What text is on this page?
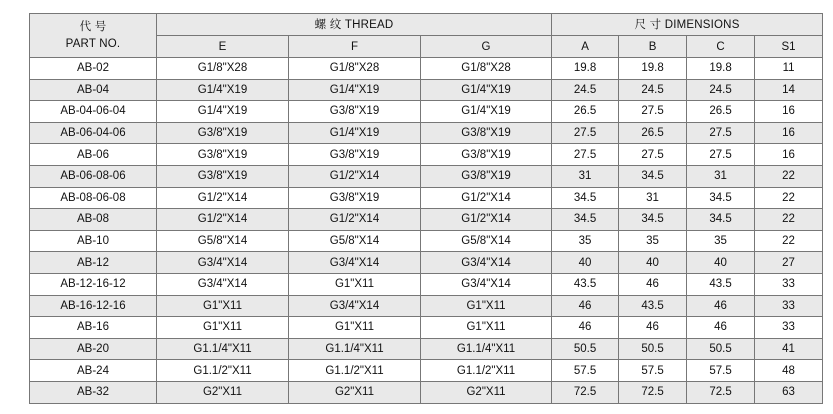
代 号
PART NO.	螺 纹 THREAD			尺 寸 DIMENSIONS			
	E	F	G	A	B	C	S1
AB-02	G1/8"X28	G1/8"X28	G1/8"X28	19.8	19.8	19.8	11
AB-04	G1/4"X19	G1/4"X19	G1/4"X19	24.5	24.5	24.5	14
AB-04-06-04	G1/4"X19	G3/8"X19	G1/4"X19	26.5	27.5	26.5	16
AB-06-04-06	G3/8"X19	G1/4"X19	G3/8"X19	27.5	26.5	27.5	16
AB-06	G3/8"X19	G3/8"X19	G3/8"X19	27.5	27.5	27.5	16
AB-06-08-06	G3/8"X19	G1/2"X14	G3/8"X19	31	34.5	31	22
AB-08-06-08	G1/2"X14	G3/8"X19	G1/2"X14	34.5	31	34.5	22
AB-08	G1/2"X14	G1/2"X14	G1/2"X14	34.5	34.5	34.5	22
AB-10	G5/8"X14	G5/8"X14	G5/8"X14	35	35	35	22
AB-12	G3/4"X14	G3/4"X14	G3/4"X14	40	40	40	27
AB-12-16-12	G3/4"X14	G1"X11	G3/4"X14	43.5	46	43.5	33
AB-16-12-16	G1"X11	G3/4"X14	G1"X11	46	43.5	46	33
AB-16	G1"X11	G1"X11	G1"X11	46	46	46	33
AB-20	G1.1/4"X11	G1.1/4"X11	G1.1/4"X11	50.5	50.5	50.5	41
AB-24	G1.1/2"X11	G1.1/2"X11	G1.1/2"X11	57.5	57.5	57.5	48
AB-32	G2"X11	G2"X11	G2"X11	72.5	72.5	72.5	63
